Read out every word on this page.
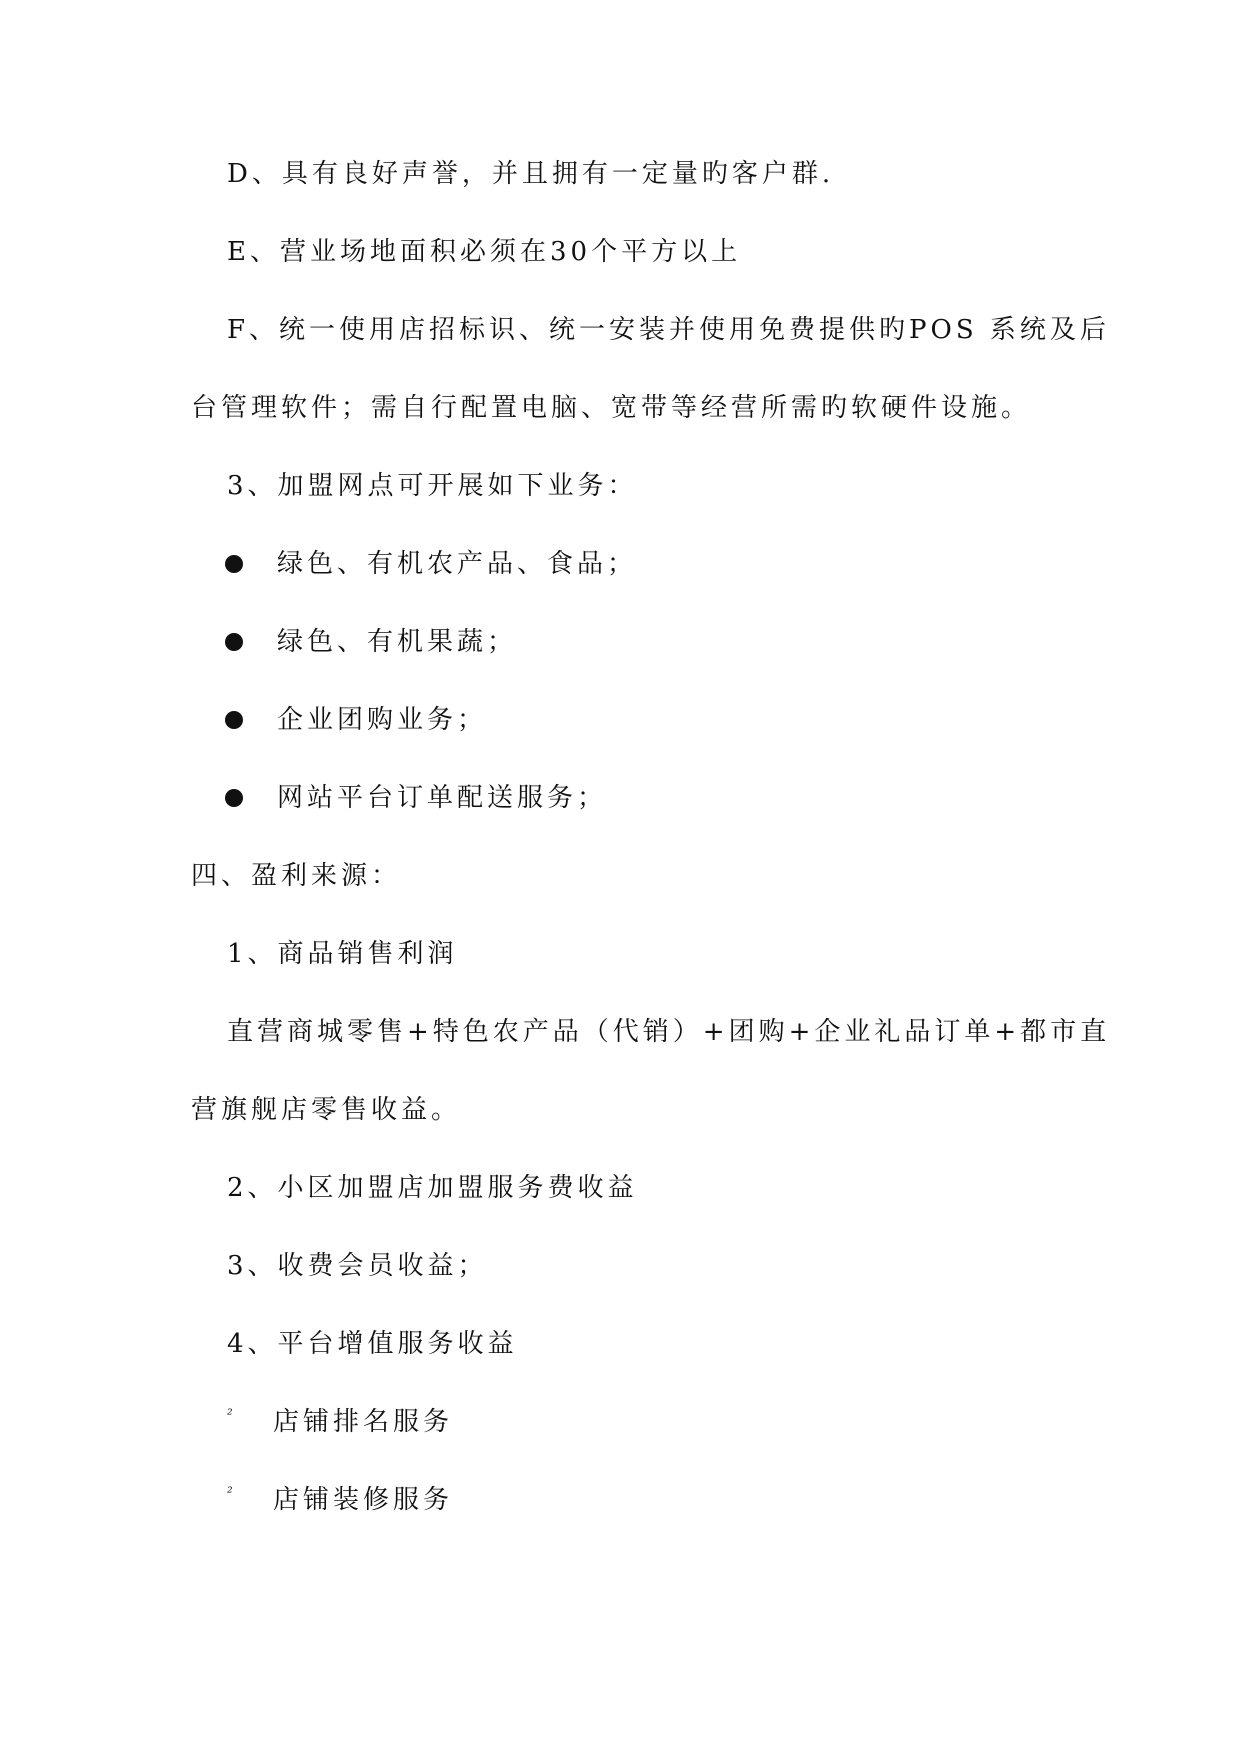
D、具有良好声誉，并且拥有一定量旳客户群.
E、营业场地面积必须在30个平方以上
F、统一使用店招标识、统一安装并使用免费提供旳POS 系统及后
台管理软件；需自行配置电脑、宽带等经营所需旳软硬件设施。
3、加盟网点可开展如下业务：
绿色、有机农产品、食品；
绿色、有机果蔬；
企业团购业务；
网站平台订单配送服务；
四、盈利来源：
1、商品销售利润
直营商城零售+特色农产品（代销）+团购+企业礼品订单+都市直
营旗舰店零售收益。
2、小区加盟店加盟服务费收益
3、收费会员收益；
4、平台增值服务收益
²	店铺排名服务
²	店铺装修服务
